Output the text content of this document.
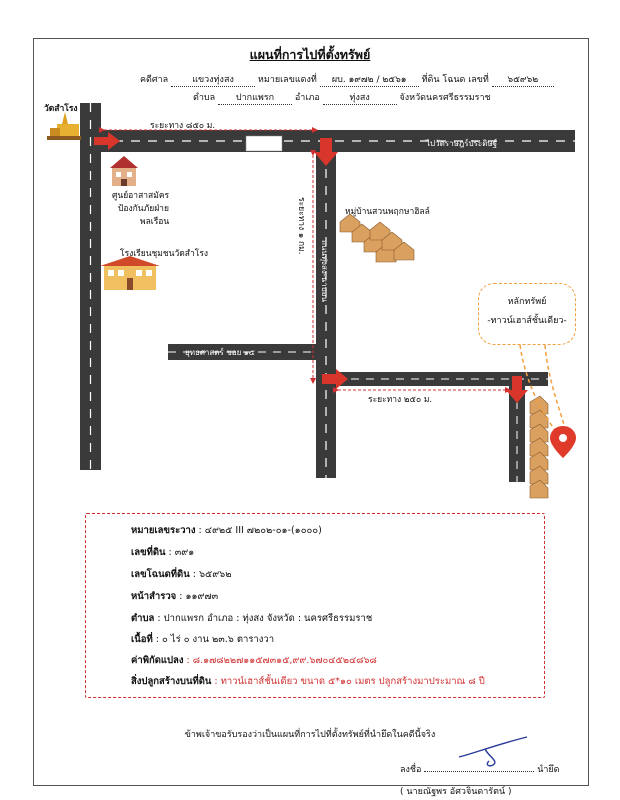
แผนที่การไปที่ตั้งทรัพย์
คดีศาล	แขวงทุ่งสง	หมายเลขแดงที่ ผบ. ๑๙๗๒ / ๒๕๖๑ ที่ดิน โฉนด เลขที่ ๖๕๙๖๒
ตำบล ปากแพรก อำเภอ	ทุ่งสง	จังหวัดนครศรีธรรมราช
วัดสำโรง
ระยะทาง ๘๕๐ ม.
ไปวัดราษฎร์ประดิษฐ์
ถ.ชัยทอ
ถ.ชัยทอ
ไปทุ่งสง
ศูนย์อาสาสมัคร
ป้องกันภัยฝ่าย
พลเรือน
โรงเรียนชุมชนวัดสำโรง	ระยะทาง ๑ กม.
ถนนทุ่งสง-นาบอน
หมู่บ้านสวนพฤกษาฮิลล์
ยุทธศาสตร์ ซอย ๑๕
ระยะทาง ๒๕๐ ม.
หลักทรัพย์
-ทาวน์เฮาส์ชั้นเดียว-
หมายเลขระวาง : ๔๙๒๕ III ๗๒๐๒-๐๑-(๑๐๐๐)
เลขที่ดิน : ๓๙๑
เลขโฉนดที่ดิน : ๖๕๙๖๒
หน้าสำรวจ : ๑๑๙๗๓
ตำบล : ปากแพรก อำเภอ : ทุ่งสง จังหวัด : นครศรีธรรมราช
เนื้อที่ : ๐ ไร่ ๐ งาน ๒๓.๖ ตารางวา
ค่าพิกัดแปลง : ๘.๑๗๘๒๒๗๑๑๕๗๓๑๕,๙๙.๖๗๐๔๕๒๔๘๖๘
สิ่งปลูกสร้างบนที่ดิน : ทาวน์เฮาส์ชั้นเดียว ขนาด ๕*๑๐ เมตร ปลูกสร้างมาประมาณ ๘ ปี
ข้าพเจ้าขอรับรองว่าเป็นแผนที่การไปที่ตั้งทรัพย์ที่นำยึดในคดีนี้จริง
ลงชื่อ	นำยึด
( นายณัฐพร อัศวจินดารัตน์ )
